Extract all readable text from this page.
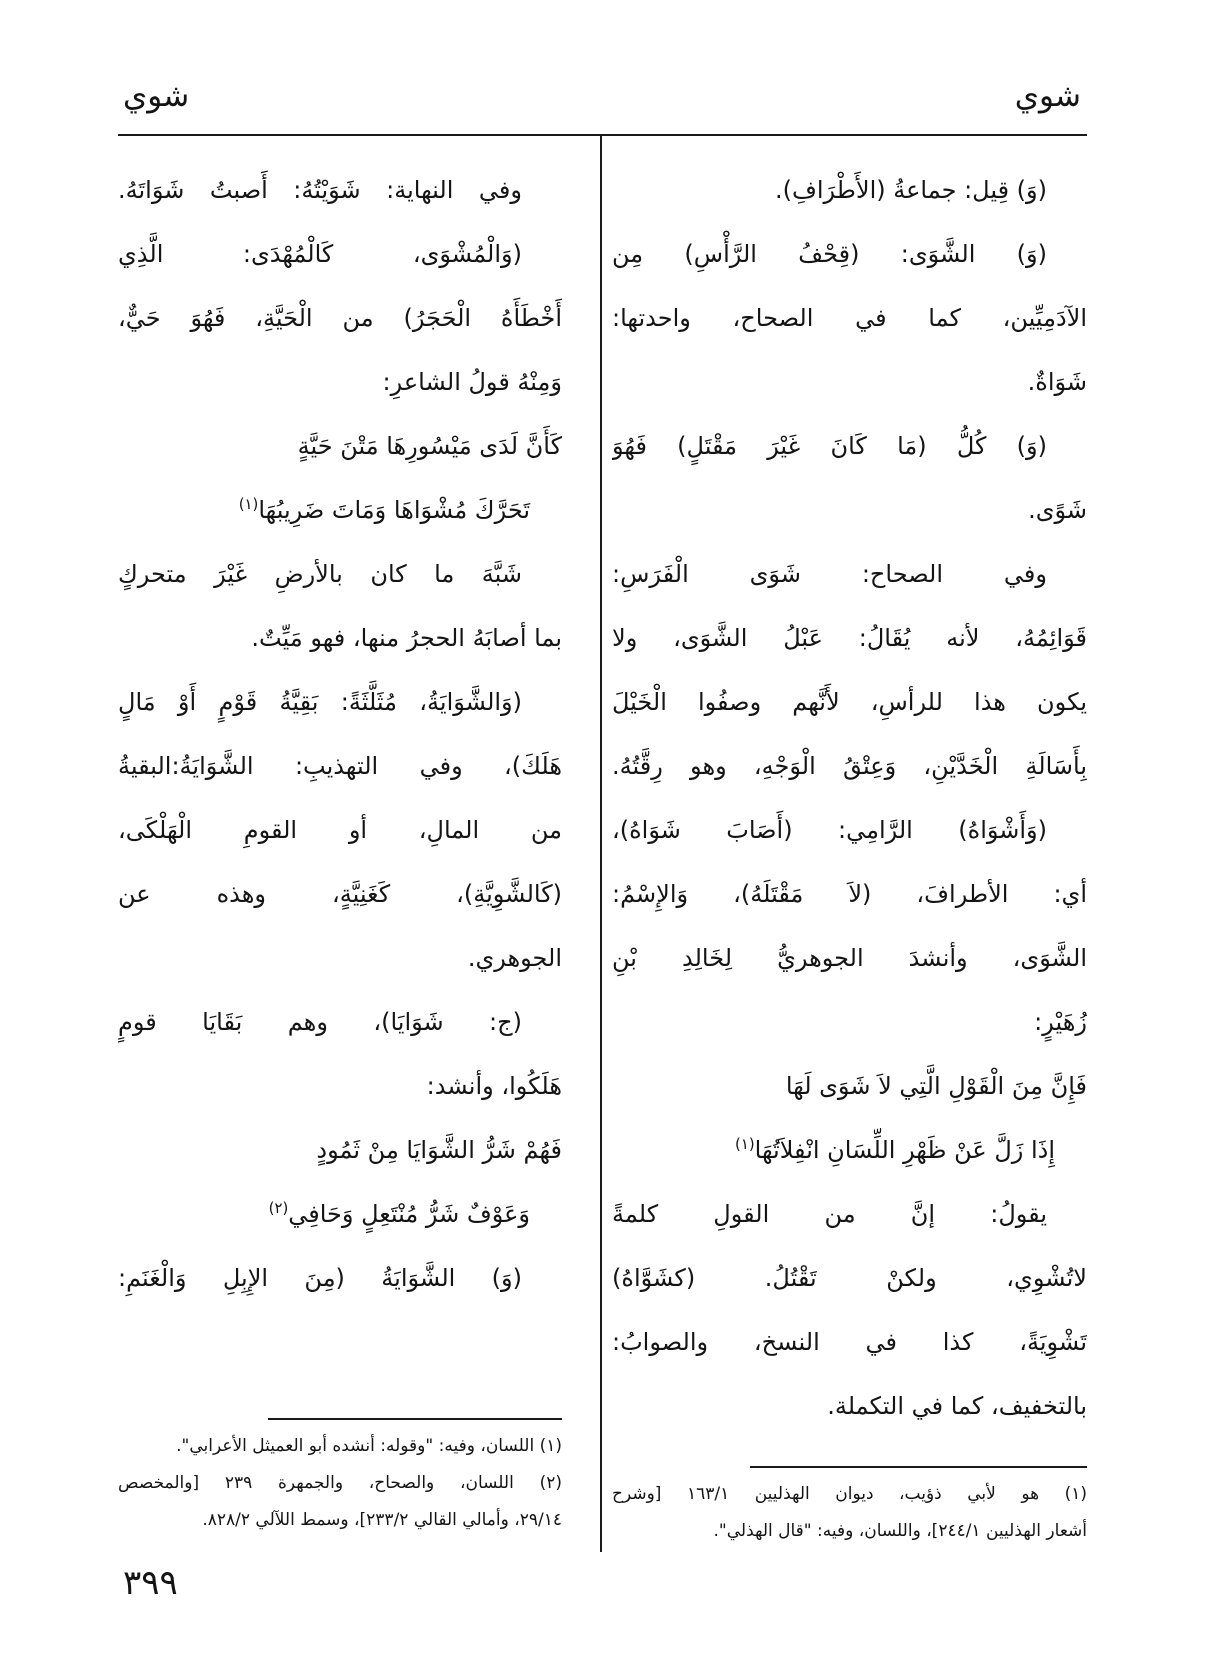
شوي
شوي
(وَ) قِيل: جماعةُ (الأَطْرَافِ).
(وَ) الشَّوَى: (قِحْفُ الرَّأْسِ) مِن
الآدَمِيِّين، كما في الصحاح، واحدتها:
شَوَاةٌ.
(وَ) كُلُّ (مَا كَانَ غَيْرَ مَقْتَلٍ) فَهُوَ
شَوًى.
وفي الصحاح: شَوَى الْفَرَسِ:
قَوَائِمُهُ، لأنه يُقَالُ: عَبْلُ الشَّوَى، ولا
يكون هذا للرأسِ، لأَنَّهم وصفُوا الْخَيْلَ
بِأَسَالَةِ الْخَدَّيْنِ، وَعِتْقُ الْوَجْهِ، وهو رِقَّتُهُ.
(وَأَشْوَاهُ) الرَّامِي: (أَصَابَ شَوَاهُ)،
أي: الأطرافَ، (لاَ مَقْتَلَهُ)، وَالإِسْمُ:
الشَّوَى، وأنشدَ الجوهريُّ لِخَالِدِ بْنِ
زُهَيْرٍ:
فَإِنَّ مِنَ الْقَوْلِ الَّتِي لاَ شَوَى لَهَا
إِذَا زَلَّ عَنْ ظَهْرِ اللِّسَانِ انْفِلاَتُهَا$^{(١)}$
يقولُ: إنَّ من القولِ كلمةً
لاتُشْوِي، ولكنْ تَقْتُلُ. (كشَوَّاهُ)
تَشْوِيَةً، كذا في النسخ، والصوابُ:
بالتخفيف، كما في التكملة.
(١) هو لأبي ذؤيب، ديوان الهذليين ١٦٣/١ [وشرح
أشعار الهذليين ٢٤٤/١]، واللسان، وفيه: "قال الهذلي".
وفي النهاية: شَوَيْتُهُ: أَصبتُ شَوَاتَهُ.
(وَالْمُشْوَى، كَالْمُهْدَى: الَّذِي
أَخْطَأَهُ الْحَجَرُ) من الْحَيَّةِ، فَهُوَ حَيٌّ،
وَمِنْهُ قولُ الشاعرِ:
كَأَنَّ لَدَى مَيْسُورِهَا مَتْنَ حَيَّةٍ
تَحَرَّكَ مُشْوَاهَا وَمَاتَ ضَرِيبُهَا$^{(١)}$
شَبَّهَ ما كان بالأرضِ غَيْرَ متحركٍ
بما أصابَهُ الحجرُ منها، فهو مَيِّتٌ.
(وَالشَّوَايَةُ، مُثَلَّثَةً: بَقِيَّةُ قَوْمٍ أَوْ مَالٍ
هَلَكَ)، وفي التهذيبِ: الشَّوَايَةُ:البقيةُ
من المالِ، أو القومِ الْهَلْكَى،
(كَالشَّوِيَّةِ)، كَغَنِيَّةٍ، وهذه عن
الجوهري.
(ج: شَوَايَا)، وهم بَقَايَا قومٍ
هَلَكُوا، وأنشد:
فَهُمْ شَرُّ الشَّوَايَا مِنْ ثَمُودٍ
وَعَوْفٌ شَرُّ مُنْتَعِلٍ وَحَافِي$^{(٢)}$
(وَ) الشَّوَايَةُ (مِنَ الإِبِلِ وَالْغَنَمِ:
(١) اللسان، وفيه: "وقوله: أنشده أبو العميثل الأعرابي".
(٢) اللسان، والصحاح، والجمهرة ٢٣٩ [والمخصص
٢٩/١٤، وأمالي القالي ٢٣٣/٢]، وسمط اللآلي ٨٢٨/٢.
٣٩٩
